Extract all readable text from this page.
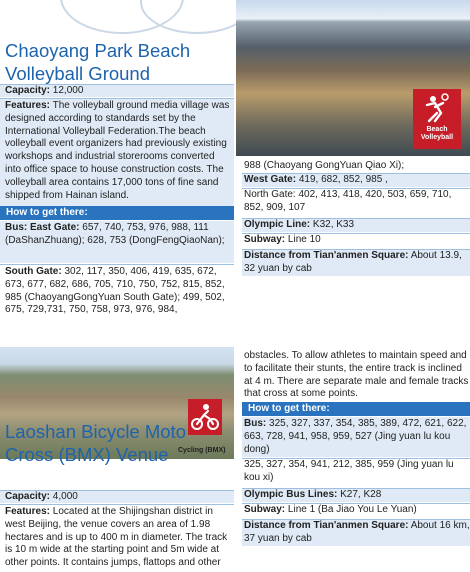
Beach
Volleyball
Chaoyang Park Beach
Volleyball Ground
Capacity: 12,000
Features: The volleyball ground media village was designed according to standards set by the International Volleyball Federation.The beach volleyball event organizers had previously existing workshops and industrial storerooms converted into office space to house construction costs. The volleyball area contains 17,000 tons of fine sand shipped from Hainan island.
How to get there:
Bus: East Gate: 657, 740, 753, 976, 988, 111 (DaShanZhuang); 628, 753 (DongFengQiaoNan);
South Gate: 302, 117, 350, 406, 419, 635, 672, 673, 677, 682, 686, 705, 710, 750, 752, 815, 852, 985 (ChaoyangGongYuan South Gate); 499, 502, 675, 729,731, 750, 758, 973, 976, 984,
988 (Chaoyang GongYuan Qiao Xi);
West Gate: 419, 682, 852, 985 ,
North Gate: 402, 413, 418, 420, 503, 659, 710, 852, 909, 107
Olympic Line: K32, K33
Subway: Line 10
Distance from Tian'anmen Square: About 13.9, 32 yuan by cab
Cycling (BMX)
Laoshan Bicycle Moto
Cross (BMX) Venue
Capacity: 4,000
Features: Located at the Shijingshan district in west Beijing, the venue covers an area of 1.98 hectares and is up to 400 m in diameter. The track is 10 m wide at the starting point and 5m wide at other points. It contains jumps, flattops and other
obstacles. To allow athletes to maintain speed and to facilitate their stunts, the entire track is inclined at 4 m. There are separate male and female tracks that cross at some points.
How to get there:
Bus: 325, 327, 337, 354, 385, 389, 472, 621, 622, 663, 728, 941, 958, 959, 527 (Jing yuan lu kou dong)
325, 327, 354, 941, 212, 385, 959 (Jing yuan lu kou xi)
Olympic Bus Lines: K27, K28
Subway: Line 1 (Ba Jiao You Le Yuan)
Distance from Tian'anmen Square: About 16 km, 37 yuan by cab
